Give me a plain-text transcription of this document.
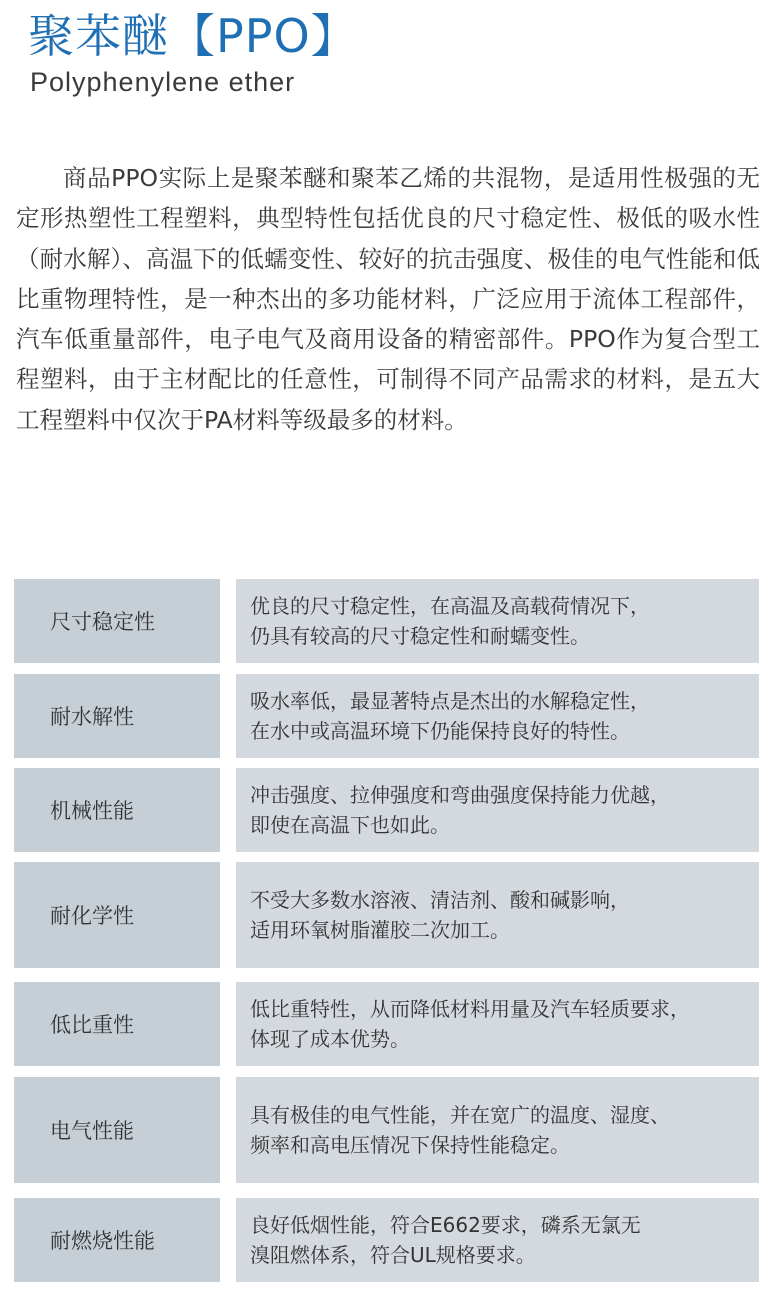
聚苯醚【PPO】
Polyphenylene ether

商品PPO实际上是聚苯醚和聚苯乙烯的共混物，是适用性极强的无定形热塑性工程塑料，典型特性包括优良的尺寸稳定性、极低的吸水性（耐水解）、高温下的低蠕变性、较好的抗击强度、极佳的电气性能和低比重物理特性，是一种杰出的多功能材料，广泛应用于流体工程部件，汽车低重量部件，电子电气及商用设备的精密部件。PPO作为复合型工程塑料，由于主材配比的任意性，可制得不同产品需求的材料，是五大工程塑料中仅次于PA材料等级最多的材料。

尺寸稳定性
优良的尺寸稳定性，在高温及高载荷情况下，
仍具有较高的尺寸稳定性和耐蠕变性。
耐水解性
吸水率低，最显著特点是杰出的水解稳定性，
在水中或高温环境下仍能保持良好的特性。
机械性能
冲击强度、拉伸强度和弯曲强度保持能力优越，
即使在高温下也如此。
耐化学性
不受大多数水溶液、清洁剂、酸和碱影响，
适用环氧树脂灌胶二次加工。
低比重性
低比重特性，从而降低材料用量及汽车轻质要求，
体现了成本优势。
电气性能
具有极佳的电气性能，并在宽广的温度、湿度、
频率和高电压情况下保持性能稳定。
耐燃烧性能
良好低烟性能，符合E662要求，磷系无氯无
溴阻燃体系，符合UL规格要求。
